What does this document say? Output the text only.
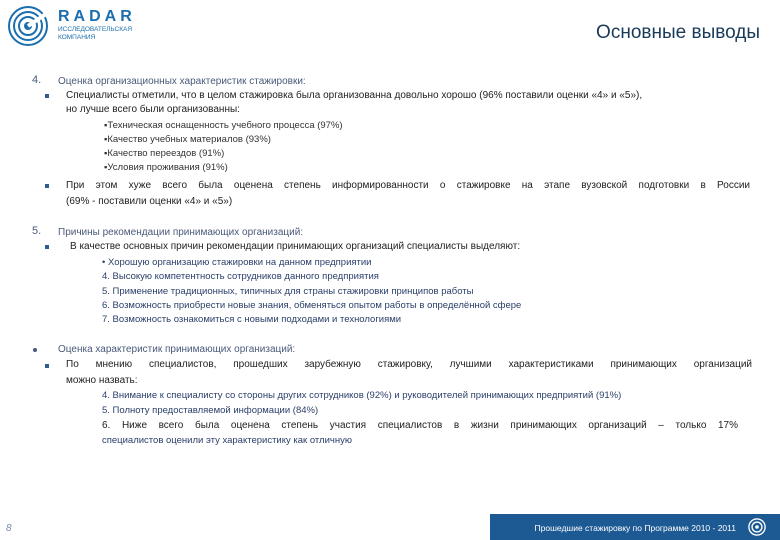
RADAR
ИССЛЕДОВАТЕЛЬСКАЯ КОМПАНИЯ	Основные выводы
4. Оценка организационных характеристик стажировки:
Специалисты отметили, что в целом стажировка была организованна довольно хорошо (96% поставили оценки «4» и «5»),
но лучше всего были организованны:
▪Техническая оснащенность учебного процесса (97%)
▪Качество учебных материалов (93%)
▪Качество переездов (91%)
▪Условия проживания (91%)
При этом хуже всего была оценена степень информированности о стажировке на этапе вузовской подготовки в России
(69% - поставили оценки «4» и «5»)
5. Причины рекомендации принимающих организаций:
В качестве основных причин рекомендации принимающих организаций специалисты выделяют:
• Хорошую организацию стажировки на данном предприятии
4. Высокую компетентность сотрудников данного предприятия
5. Применение традиционных, типичных для страны стажировки принципов работы
6. Возможность приобрести новые знания, обменяться опытом работы в определённой сфере
7. Возможность ознакомиться с новыми подходами и технологиями
Оценка характеристик принимающих организаций:
По мнению специалистов, прошедших зарубежную стажировку, лучшими характеристиками принимающих организаций
можно назвать:
4. Внимание к специалисту со стороны других сотрудников (92%) и руководителей принимающих предприятий (91%)
5. Полноту предоставляемой информации (84%)
6. Ниже всего была оценена степень участия специалистов в жизни принимающих организаций – только 17%
специалистов оценили эту характеристику как отличную
8	Прошедшие стажировку по Программе 2010 - 2011
